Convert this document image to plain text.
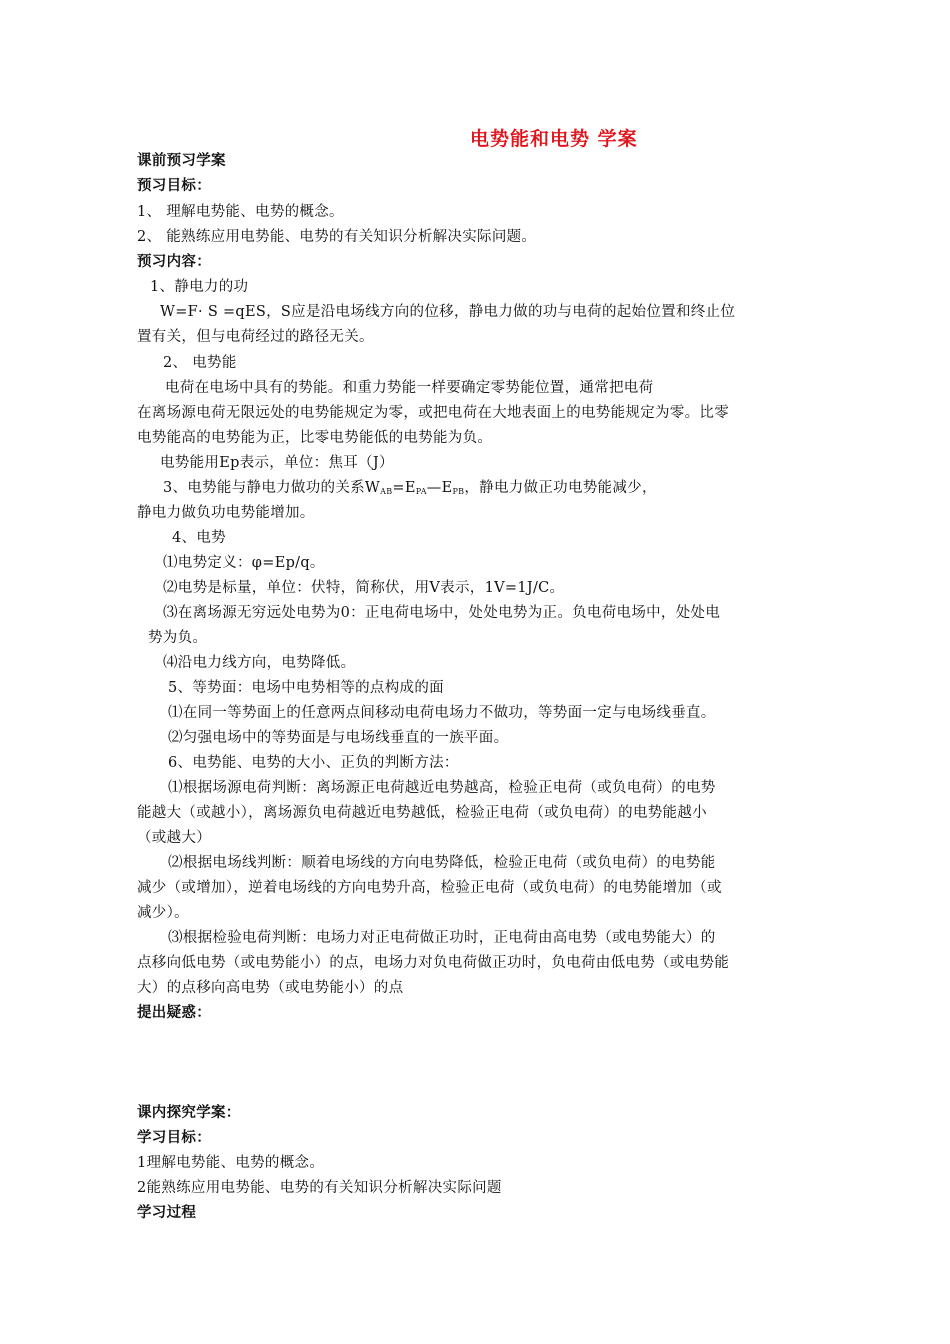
电势能和电势 学案
课前预习学案
预习目标：
1、 理解电势能、电势的概念。
2、 能熟练应用电势能、电势的有关知识分析解决实际问题。
预习内容：
1、静电力的功
W=F· S =qES，S应是沿电场线方向的位移，静电力做的功与电荷的起始位置和终止位
置有关，但与电荷经过的路径无关。
2、 电势能
电荷在电场中具有的势能。和重力势能一样要确定零势能位置，通常把电荷
在离场源电荷无限远处的电势能规定为零，或把电荷在大地表面上的电势能规定为零。比零
电势能高的电势能为正，比零电势能低的电势能为负。
电势能用Ep表示，单位：焦耳（J）
3、电势能与静电力做功的关系$W_{AB}=E_{PA}—E_{PB}$，静电力做正功电势能减少，
静电力做负功电势能增加。
4、电势
⑴电势定义：φ=Ep/q。
⑵电势是标量，单位：伏特，简称伏，用V表示，1V=1J/C。
⑶在离场源无穷远处电势为0：正电荷电场中，处处电势为正。负电荷电场中，处处电
势为负。
⑷沿电力线方向，电势降低。
5、等势面：电场中电势相等的点构成的面
⑴在同一等势面上的任意两点间移动电荷电场力不做功，等势面一定与电场线垂直。
⑵匀强电场中的等势面是与电场线垂直的一族平面。
6、电势能、电势的大小、正负的判断方法：
⑴根据场源电荷判断：离场源正电荷越近电势越高，检验正电荷（或负电荷）的电势
能越大（或越小），离场源负电荷越近电势越低，检验正电荷（或负电荷）的电势能越小
（或越大）
⑵根据电场线判断：顺着电场线的方向电势降低，检验正电荷（或负电荷）的电势能
减少（或增加），逆着电场线的方向电势升高，检验正电荷（或负电荷）的电势能增加（或
减少）。
⑶根据检验电荷判断：电场力对正电荷做正功时，正电荷由高电势（或电势能大）的
点移向低电势（或电势能小）的点，电场力对负电荷做正功时，负电荷由低电势（或电势能
大）的点移向高电势（或电势能小）的点
提出疑惑：
课内探究学案：
学习目标：
1理解电势能、电势的概念。
2能熟练应用电势能、电势的有关知识分析解决实际问题
学习过程
